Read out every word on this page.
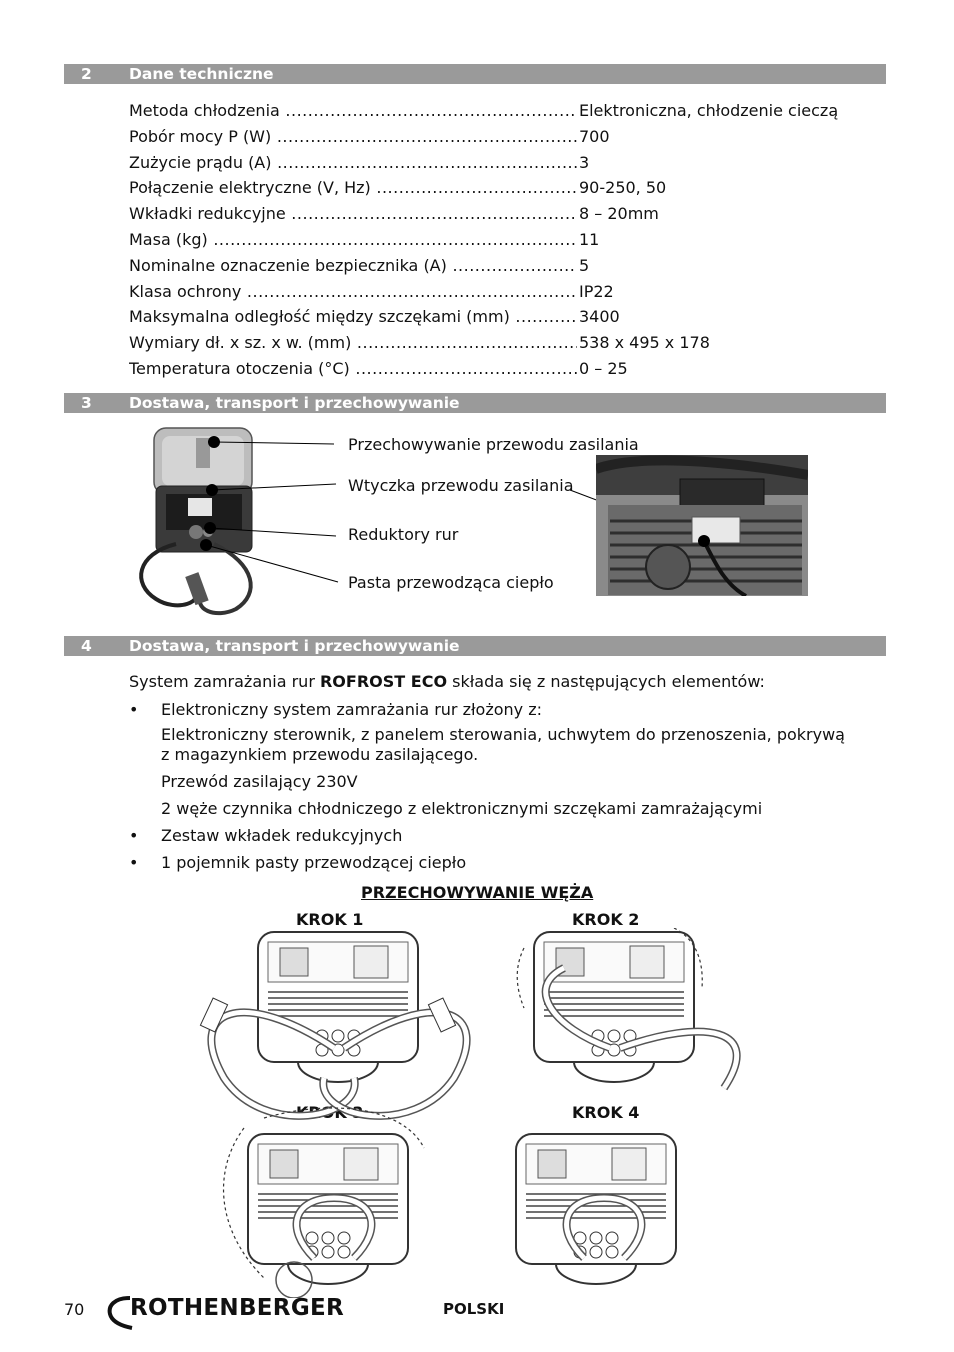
2 Dane techniczne
Metoda chłodzenia .....	Elektroniczna, chłodzenie cieczą
Pobór mocy P (W) .....	700
Zużycie prądu (A) .....	3
Połączenie elektryczne (V, Hz) .....	90-250, 50
Wkładki redukcyjne .....	8 – 20mm
Masa (kg) .....	11
Nominalne oznaczenie bezpiecznika (A) .....	5
Klasa ochrony .....	IP22
Maksymalna odległość między szczękami (mm) .....	3400
Wymiary dł. x sz. x w. (mm) .....	538 x 495 x 178
Temperatura otoczenia (°C) .....	0 – 25
3 Dostawa, transport i przechowywanie
Przechowywanie przewodu zasilania
Wtyczka przewodu zasilania
Reduktory rur
Pasta przewodząca ciepło
4 Dostawa, transport i przechowywanie
System zamrażania rur ROFROST ECO składa się z następujących elementów:
• Elektroniczny system zamrażania rur złożony z:
Elektroniczny sterownik, z panelem sterowania, uchwytem do przenoszenia, pokrywą z magazynkiem przewodu zasilającego.
Przewód zasilający 230V
2 węże czynnika chłodniczego z elektronicznymi szczękami zamrażającymi
• Zestaw wkładek redukcyjnych
• 1 pojemnik pasty przewodzącej ciepło
PRZECHOWYWANIE WĘŻA
KROK 1	KROK 2
KROK 3	KROK 4
70 ROTHENBERGER	POLSKI
